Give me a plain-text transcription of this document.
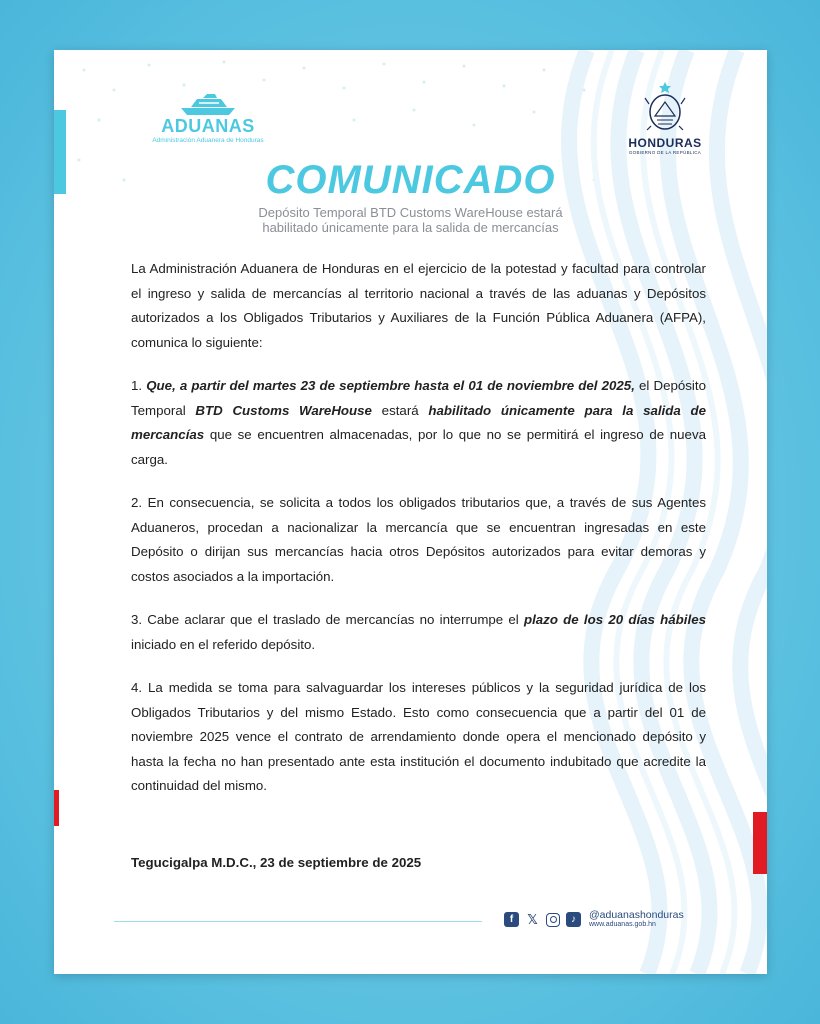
ADUANAS
Administración Aduanera de Honduras	HONDURAS
GOBIERNO DE LA REPÚBLICA
COMUNICADO
Depósito Temporal BTD Customs WareHouse estará
habilitado únicamente para la salida de mercancías

La Administración Aduanera de Honduras en el ejercicio de la potestad y facultad para controlar el ingreso y salida de mercancías al territorio nacional a través de las aduanas y Depósitos autorizados a los Obligados Tributarios y Auxiliares de la Función Pública Aduanera (AFPA), comunica lo siguiente:

1. Que, a partir del martes 23 de septiembre hasta el 01 de noviembre del 2025, el Depósito Temporal BTD Customs WareHouse estará habilitado únicamente para la salida de mercancías que se encuentren almacenadas, por lo que no se permitirá el ingreso de nueva carga.

2. En consecuencia, se solicita a todos los obligados tributarios que, a través de sus Agentes Aduaneros, procedan a nacionalizar la mercancía que se encuentran ingresadas en este Depósito o dirijan sus mercancías hacia otros Depósitos autorizados para evitar demoras y costos asociados a la importación.

3. Cabe aclarar que el traslado de mercancías no interrumpe el plazo de los 20 días hábiles iniciado en el referido depósito.

4. La medida se toma para salvaguardar los intereses públicos y la seguridad jurídica de los Obligados Tributarios y del mismo Estado. Esto como consecuencia que a partir del 01 de noviembre 2025 vence el contrato de arrendamiento donde opera el mencionado depósito y hasta la fecha no han presentado ante esta institución el documento indubitado que acredite la continuidad del mismo.

Tegucigalpa M.D.C., 23 de septiembre de 2025
f	𝕏	♪	@aduanashonduras
www.aduanas.gob.hn
